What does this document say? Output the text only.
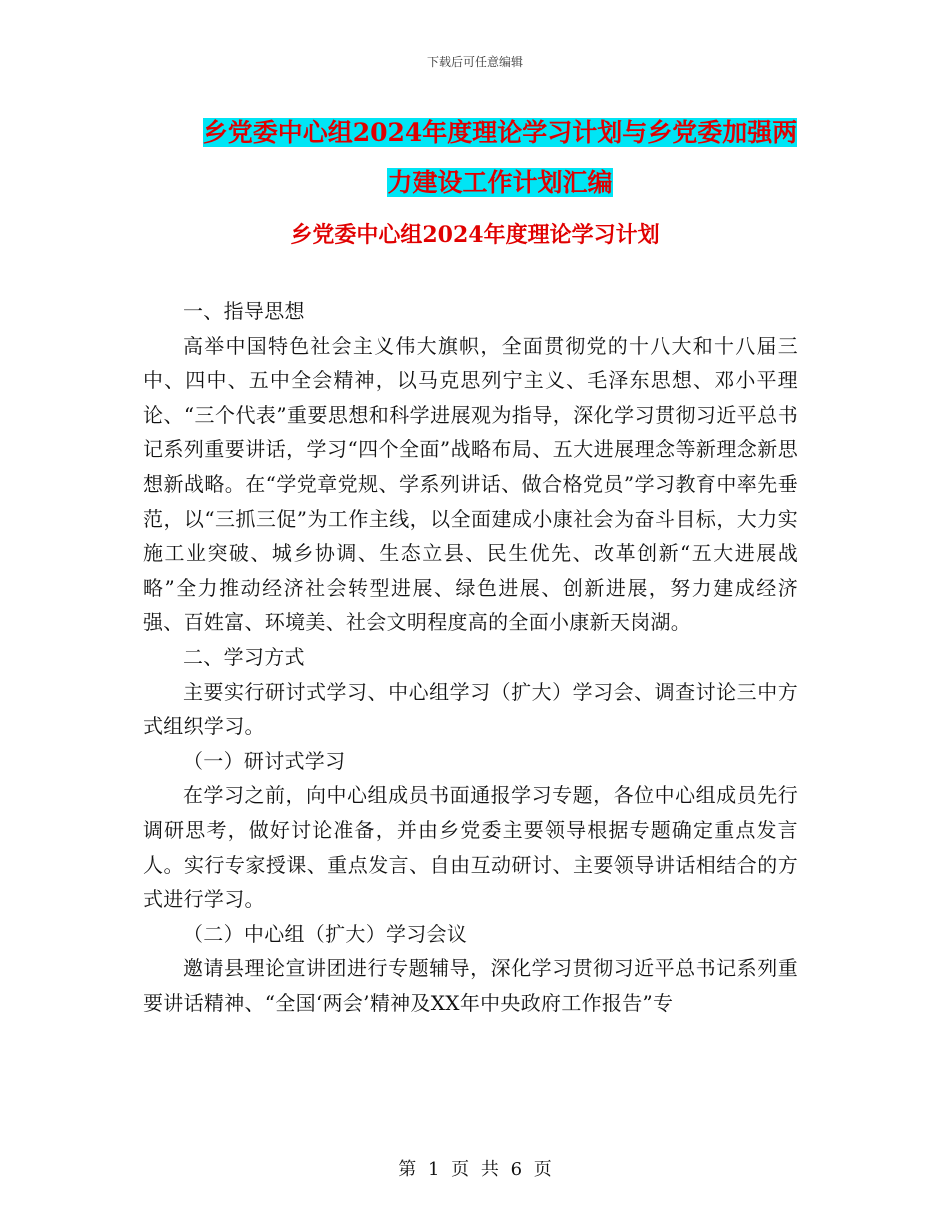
下载后可任意编辑
乡党委中心组2024年度理论学习计划与乡党委加强两
力建设工作计划汇编
乡党委中心组2024年度理论学习计划

一、指导思想

高举中国特色社会主义伟大旗帜，全面贯彻党的十八大和十八届三中、四中、五中全会精神，以马克思列宁主义、毛泽东思想、邓小平理论、“三个代表”重要思想和科学进展观为指导，深化学习贯彻习近平总书记系列重要讲话，学习“四个全面”战略布局、五大进展理念等新理念新思想新战略。在“学党章党规、学系列讲话、做合格党员”学习教育中率先垂范，以“三抓三促”为工作主线，以全面建成小康社会为奋斗目标，大力实施工业突破、城乡协调、生态立县、民生优先、改革创新“五大进展战略”全力推动经济社会转型进展、绿色进展、创新进展，努力建成经济强、百姓富、环境美、社会文明程度高的全面小康新天岗湖。

二、学习方式

主要实行研讨式学习、中心组学习（扩大）学习会、调查讨论三中方式组织学习。

（一）研讨式学习

在学习之前，向中心组成员书面通报学习专题，各位中心组成员先行调研思考，做好讨论准备，并由乡党委主要领导根据专题确定重点发言人。实行专家授课、重点发言、自由互动研讨、主要领导讲话相结合的方式进行学习。

（二）中心组（扩大）学习会议

邀请县理论宣讲团进行专题辅导，深化学习贯彻习近平总书记系列重要讲话精神、“全国‘两会’精神及XX年中央政府工作报告”专

第 1 页 共 6 页
